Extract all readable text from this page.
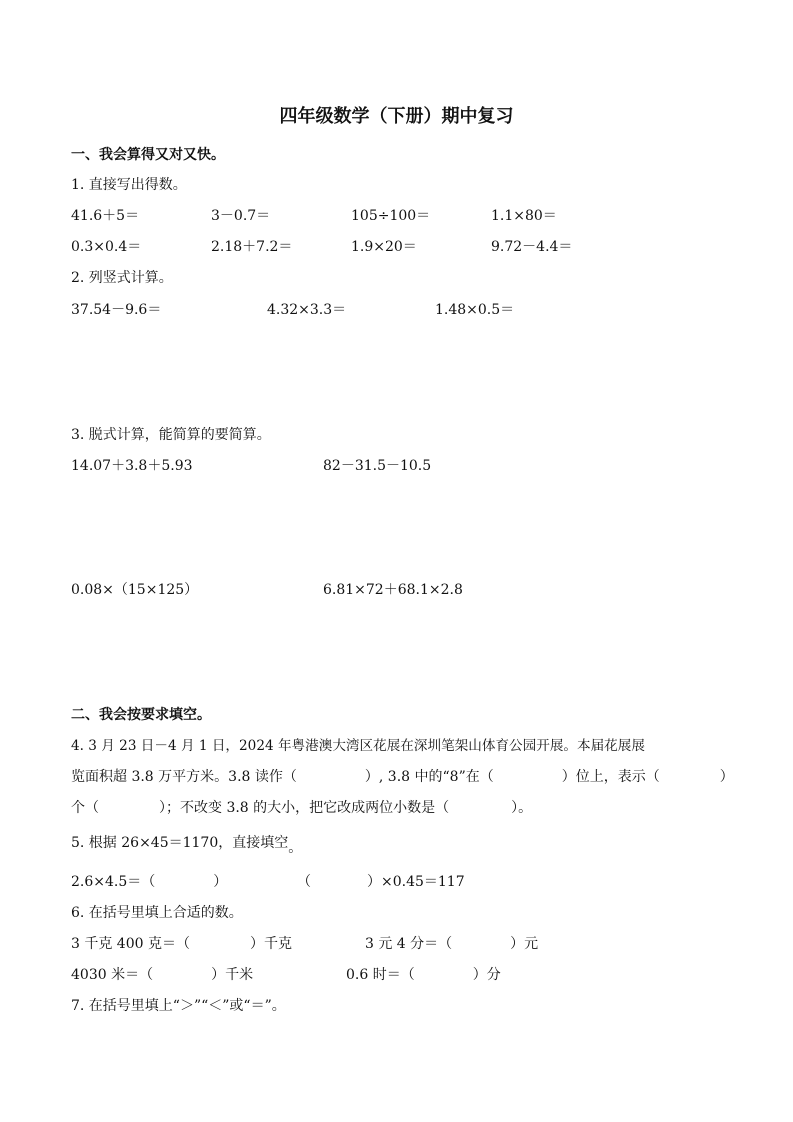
四年级数学（下册）期中复习
一、我会算得又对又快。
1. 直接写出得数。
41.6＋5＝	3－0.7＝	105÷100＝	1.1×80＝
0.3×0.4＝	2.18＋7.2＝	1.9×20＝	9.72－4.4＝
2. 列竖式计算。
37.54－9.6＝	4.32×3.3＝	1.48×0.5＝
3. 脱式计算，能简算的要简算。
14.07＋3.8＋5.93	82－31.5－10.5
0.08×（15×125）	6.81×72＋68.1×2.8
二、我会按要求填空。
4. 3 月 23 日－4 月 1 日，2024 年粤港澳大湾区花展在深圳笔架山体育公园开展。本届花展展
览面积超 3.8 万平方米。3.8 读作（	）, 3.8 中的“8”在（	）位上，表示（	）
个（	）；不改变 3.8 的大小，把它改成两位小数是（	）。
5. 根据 26×45＝1170，直接填空。
2.6×4.5＝（	）	（	）×0.45＝117
6. 在括号里填上合适的数。
3 千克 400 克＝（	）千克	3 元 4 分＝（	）元
4030 米＝（	）千米	0.6 时＝（	）分
7. 在括号里填上“＞”“＜”或“＝”。
